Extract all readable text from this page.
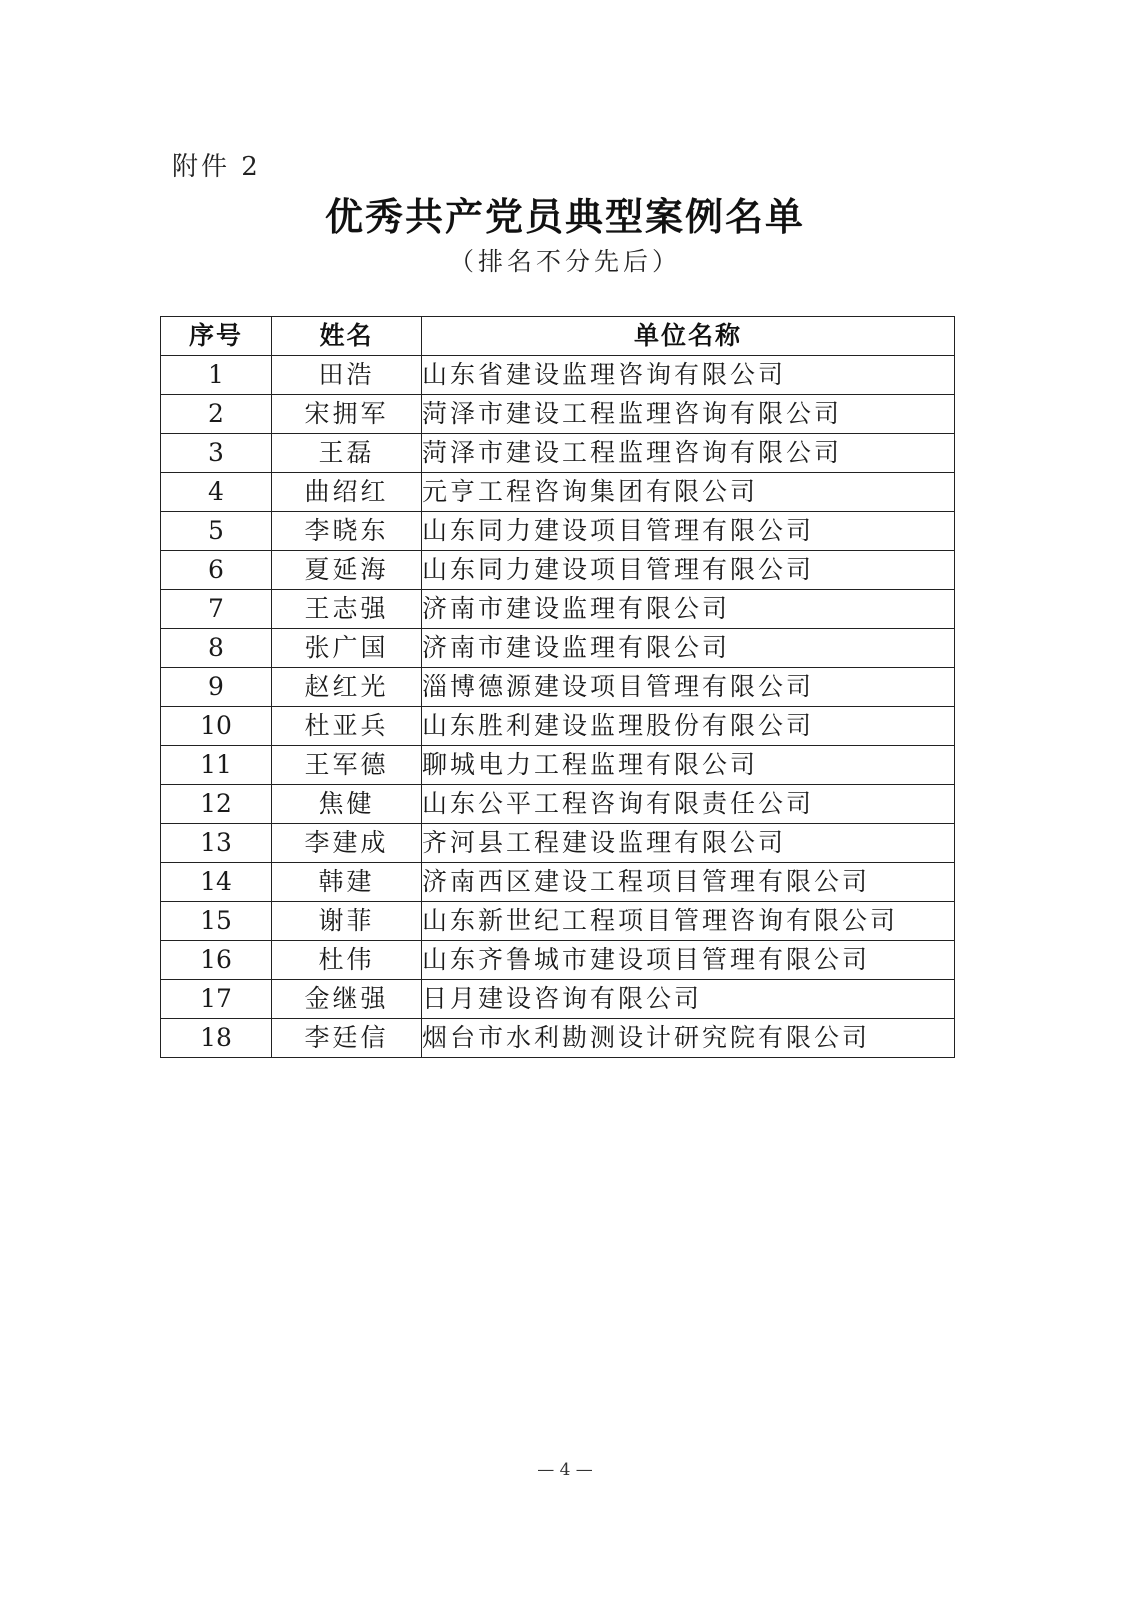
附件 2
优秀共产党员典型案例名单
（排名不分先后）
序号	姓名	单位名称
1	田浩	山东省建设监理咨询有限公司
2	宋拥军	菏泽市建设工程监理咨询有限公司
3	王磊	菏泽市建设工程监理咨询有限公司
4	曲绍红	元亨工程咨询集团有限公司
5	李晓东	山东同力建设项目管理有限公司
6	夏延海	山东同力建设项目管理有限公司
7	王志强	济南市建设监理有限公司
8	张广国	济南市建设监理有限公司
9	赵红光	淄博德源建设项目管理有限公司
10	杜亚兵	山东胜利建设监理股份有限公司
11	王军德	聊城电力工程监理有限公司
12	焦健	山东公平工程咨询有限责任公司
13	李建成	齐河县工程建设监理有限公司
14	韩建	济南西区建设工程项目管理有限公司
15	谢菲	山东新世纪工程项目管理咨询有限公司
16	杜伟	山东齐鲁城市建设项目管理有限公司
17	金继强	日月建设咨询有限公司
18	李廷信	烟台市水利勘测设计研究院有限公司
— 4 —
